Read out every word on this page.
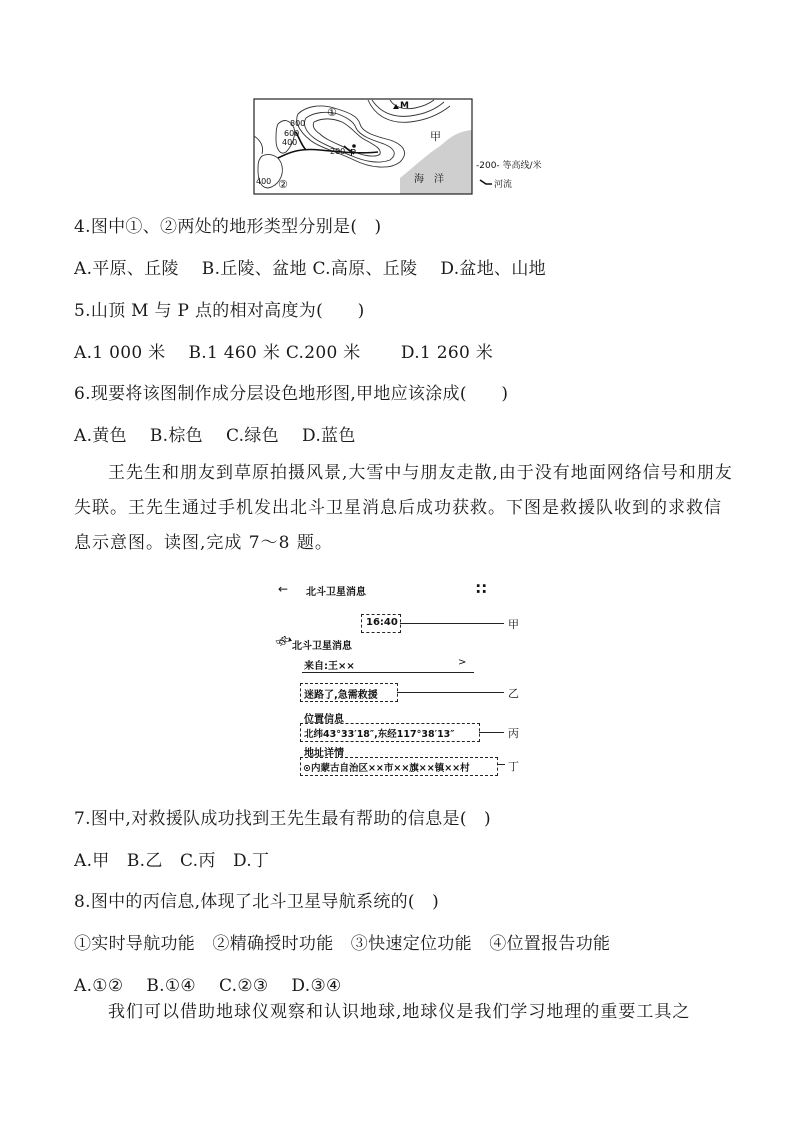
①	M
P
甲
②	海　洋
800
600
400
200
400
-200- 等高线/米
河流
4.图中①、②两处的地形类型分别是(　)
A.平原、丘陵　 B.丘陵、盆地 C.高原、丘陵　 D.盆地、山地
5.山顶 M 与 P 点的相对高度为(　　)
A.1 000 米　 B.1 460 米 C.200 米　　 D.1 260 米
6.现要将该图制作成分层设色地形图,甲地应该涂成(　　)
A.黄色　 B.棕色　 C.绿色　 D.蓝色
王先生和朋友到草原拍摄风景,大雪中与朋友走散,由于没有地面网络信号和朋友失联。王先生通过手机发出北斗卫星消息后成功获救。下图是救援队收到的求救信息示意图。读图,完成 7～8 题。
← 北斗卫星消息	∷
16:40	甲
🛰
北斗卫星消息
来自:王××	>
迷路了,急需救援	乙
位置信息
北纬43°33′18″,东经117°38′13″	丙
地址详情
⊙内蒙古自治区××市××旗××镇××村	丁
7.图中,对救援队成功找到王先生最有帮助的信息是(　)
A.甲　B.乙　C.丙　D.丁
8.图中的丙信息,体现了北斗卫星导航系统的(　)
①实时导航功能　②精确授时功能　③快速定位功能　④位置报告功能
A.①②　 B.①④　 C.②③　 D.③④
我们可以借助地球仪观察和认识地球,地球仪是我们学习地理的重要工具之
